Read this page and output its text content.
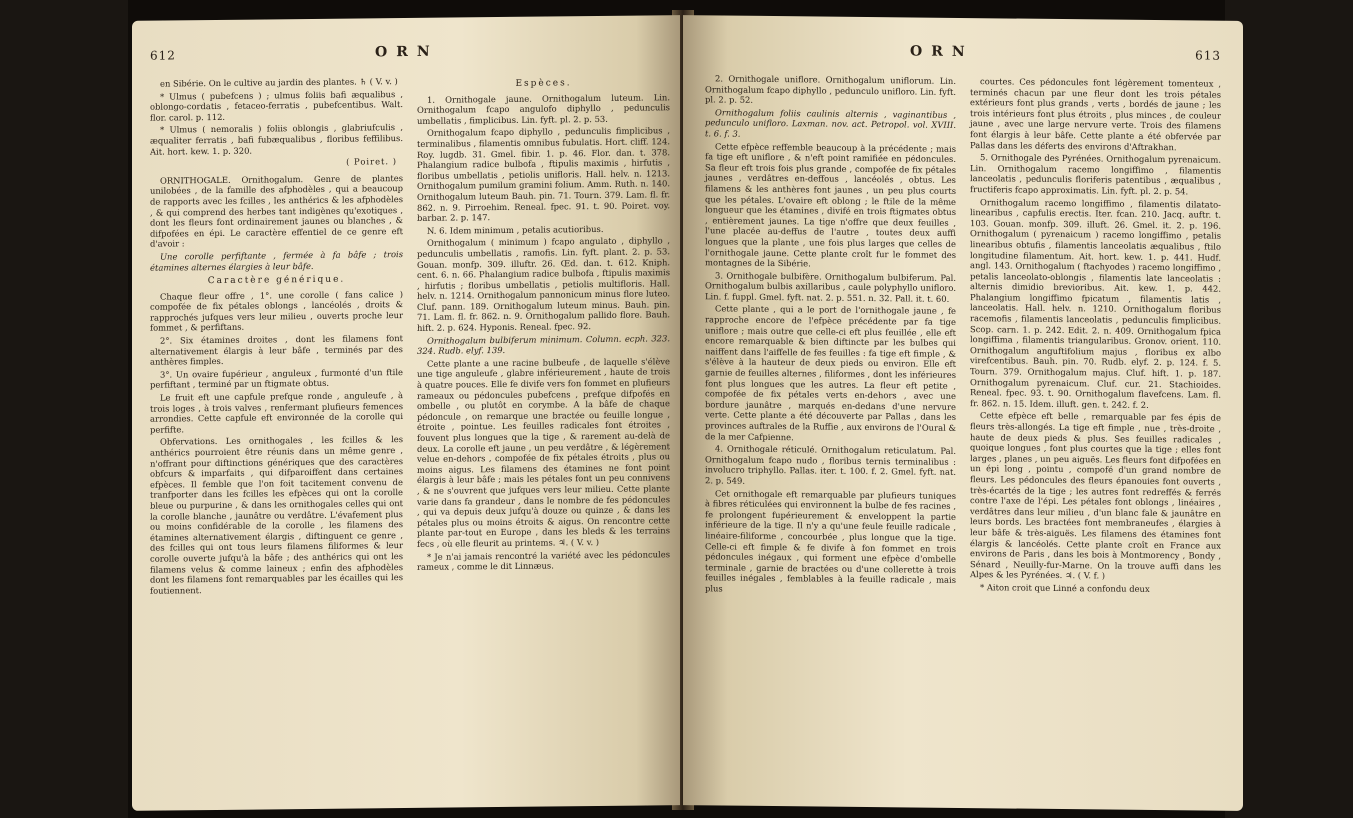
612	ORN

en Sibérie. On le cultive au jardin des plantes. ♄ ( V. v. )

* Ulmus ( pubefcens ) ; ulmus foliis bafi æqualibus , oblongo-cordatis , fetaceo-ferratis , pubefcentibus. Walt. flor. carol. p. 112.

* Ulmus ( nemoralis ) foliis oblongis , glabriufculis , æqualiter ferratis , bafi fubæqualibus , floribus feffilibus. Ait. hort. kew. 1. p. 320.

( Poiret. )

ORNITHOGALE. Ornithogalum. Genre de plantes unilobées , de la famille des afphodèles , qui a beaucoup de rapports avec les fcilles , les anthérics & les afphodèles , & qui comprend des herbes tant indigènes qu'exotiques , dont les fleurs font ordinairement jaunes ou blanches , & difpofées en épi. Le caractère effentiel de ce genre eft d'avoir :

Une corolle perfiftante , fermée à fa bâfe ; trois étamines alternes élargies à leur bâfe.

Caractère générique.

Chaque fleur offre , 1°. une corolle ( fans calice ) compofée de fix pétales oblongs , lancéolés , droits & rapprochés jufques vers leur milieu , ouverts proche leur fommet , & perfiftans.

2°. Six étamines droites , dont les filamens font alternativement élargis à leur bâfe , terminés par des anthères fimples.

3°. Un ovaire fupérieur , anguleux , furmonté d'un ftile perfiftant , terminé par un ftigmate obtus.

Le fruit eft une capfule prefque ronde , anguleufe , à trois loges , à trois valves , renfermant plufieurs femences arrondies. Cette capfule eft environnée de la corolle qui perfifte.

Obfervations. Les ornithogales , les fcilles & les anthérics pourroient être réunis dans un même genre , n'offrant pour diftinctions génériques que des caractères obfcurs & imparfaits , qui difparoiffent dans certaines efpèces. Il femble que l'on foit tacitement convenu de tranfporter dans les fcilles les efpèces qui ont la corolle bleue ou purpurine , & dans les ornithogales celles qui ont la corolle blanche , jaunâtre ou verdâtre. L'évafement plus ou moins confidérable de la corolle , les filamens des étamines alternativement élargis , diftinguent ce genre , des fcilles qui ont tous leurs filamens filiformes & leur corolle ouverte jufqu'à la bâfe ; des anthérics qui ont les filamens velus & comme laineux ; enfin des afphodèles dont les filamens font remarquables par les écailles qui les foutiennent.

Espèces.

1. Ornithogale jaune. Ornithogalum luteum. Lin. Ornithogalum fcapo angulofo diphyllo , pedunculis umbellatis , fimplicibus. Lin. fyft. pl. 2. p. 53.

Ornithogalum fcapo diphyllo , pedunculis fimplicibus , terminalibus , filamentis omnibus fubulatis. Hort. cliff. 124. Roy. lugdb. 31. Gmel. fibir. 1. p. 46. Flor. dan. t. 378. Phalangium radice bulbofa , ftipulis maximis , hirfutis , floribus umbellatis , petiolis unifloris. Hall. helv. n. 1213. Ornithogalum pumilum gramini folium. Amm. Ruth. n. 140. Ornithogalum luteum Bauh. pin. 71. Tourn. 379. Lam. fl. fr. 862. n. 9. Pirroehim. Reneal. fpec. 91. t. 90. Poiret. voy. barbar. 2. p. 147.

N. 6. Idem minimum , petalis acutioribus.

Ornithogalum ( minimum ) fcapo angulato , diphyllo , pedunculis umbellatis , ramofis. Lin. fyft. plant. 2. p. 53. Gouan. monfp. 309. illuftr. 26. Œd. dan. t. 612. Kniph. cent. 6. n. 66. Phalangium radice bulbofa , ftipulis maximis , hirfutis ; floribus umbellatis , petiolis multifloris. Hall. helv. n. 1214. Ornithogalum pannonicum minus flore luteo. Cluf. pann. 189. Ornithogalum luteum minus. Bauh. pin. 71. Lam. fl. fr. 862. n. 9. Ornithogalum pallido flore. Bauh. hift. 2. p. 624. Hyponis. Reneal. fpec. 92.

Ornithogalum bulbiferum minimum. Column. ecph. 323. 324. Rudb. elyf. 139.

Cette plante a une racine bulbeufe , de laquelle s'élève une tige anguleufe , glabre inférieurement , haute de trois à quatre pouces. Elle fe divife vers fon fommet en plufieurs rameaux ou pédoncules pubefcens , prefque difpofés en ombelle , ou plutôt en corymbe. A la bâfe de chaque pédoncule , on remarque une bractée ou feuille longue , étroite , pointue. Les feuilles radicales font étroites , fouvent plus longues que la tige , & rarement au-delà de deux. La corolle eft jaune , un peu verdâtre , & légèrement velue en-dehors , compofée de fix pétales étroits , plus ou moins aigus. Les filamens des étamines ne font point élargis à leur bâfe ; mais les pétales font un peu connivens , & ne s'ouvrent que jufques vers leur milieu. Cette plante varie dans fa grandeur , dans le nombre de fes pédoncules , qui va depuis deux jufqu'à douze ou quinze , & dans les pétales plus ou moins étroits & aigus. On rencontre cette plante par-tout en Europe , dans les bleds & les terrains fecs , où elle fleurit au printems. ♃. ( V. v. )

* Je n'ai jamais rencontré la variété avec les pédoncules rameux , comme le dit Linnæus.

ORN	613

2. Ornithogale uniflore. Ornithogalum uniflorum. Lin. Ornithogalum fcapo diphyllo , pedunculo unifloro. Lin. fyft. pl. 2. p. 52.

Ornithogalum foliis caulinis alternis , vaginantibus , pedunculo unifloro. Laxman. nov. act. Petropol. vol. XVIII. t. 6. f. 3.

Cette efpèce reffemble beaucoup à la précédente ; mais fa tige eft uniflore , & n'eft point ramifiée en pédoncules. Sa fleur eft trois fois plus grande , compofée de fix pétales jaunes , verdâtres en-deffous , lancéolés , obtus. Les filamens & les anthères font jaunes , un peu plus courts que les pétales. L'ovaire eft oblong ; le ftile de la même longueur que les étamines , divifé en trois ftigmates obtus , entièrement jaunes. La tige n'offre que deux feuilles , l'une placée au-deffus de l'autre , toutes deux auffi longues que la plante , une fois plus larges que celles de l'ornithogale jaune. Cette plante croît fur le fommet des montagnes de la Sibérie.

3. Ornithogale bulbifère. Ornithogalum bulbiferum. Pal. Ornithogalum bulbis axillaribus , caule polyphyllo unifloro. Lin. f. fuppl. Gmel. fyft. nat. 2. p. 551. n. 32. Pall. it. t. 60.

Cette plante , qui a le port de l'ornithogale jaune , fe rapproche encore de l'efpèce précédente par fa tige uniflore ; mais outre que celle-ci eft plus feuillée , elle eft encore remarquable & bien diftincte par les bulbes qui naiffent dans l'aiffelle de fes feuilles : fa tige eft fimple , & s'élève à la hauteur de deux pieds ou environ. Elle eft garnie de feuilles alternes , filiformes , dont les inférieures font plus longues que les autres. La fleur eft petite , compofée de fix pétales verts en-dehors , avec une bordure jaunâtre , marqués en-dedans d'une nervure verte. Cette plante a été découverte par Pallas , dans les provinces auftrales de la Ruffie , aux environs de l'Oural & de la mer Cafpienne.

4. Ornithogale réticulé. Ornithogalum reticulatum. Pal. Ornithogalum fcapo nudo , floribus ternis terminalibus : involucro triphyllo. Pallas. iter. t. 100. f. 2. Gmel. fyft. nat. 2. p. 549.

Cet ornithogale eft remarquable par plufieurs tuniques à fibres réticulées qui environnent la bulbe de fes racines , fe prolongent fupérieurement & enveloppent la partie inférieure de la tige. Il n'y a qu'une feule feuille radicale , linéaire-filiforme , concourbée , plus longue que la tige. Celle-ci eft fimple & fe divife à fon fommet en trois pédoncules inégaux , qui forment une efpèce d'ombelle terminale , garnie de bractées ou d'une collerette à trois feuilles inégales , femblables à la feuille radicale , mais plus

courtes. Ces pédoncules font légèrement tomenteux , terminés chacun par une fleur dont les trois pétales extérieurs font plus grands , verts , bordés de jaune ; les trois intérieurs font plus étroits , plus minces , de couleur jaune , avec une large nervure verte. Trois des filamens font élargis à leur bâfe. Cette plante a été obfervée par Pallas dans les déferts des environs d'Aftrakhan.

5. Ornithogale des Pyrénées. Ornithogalum pyrenaicum. Lin. Ornithogalum racemo longiffimo , filamentis lanceolatis , pedunculis floriferis patentibus , æqualibus , fructiferis fcapo approximatis. Lin. fyft. pl. 2. p. 54.

Ornithogalum racemo longiffimo , filamentis dilatato-linearibus , capfulis erectis. Iter. fcan. 210. Jacq. auftr. t. 103. Gouan. monfp. 309. illuft. 26. Gmel. it. 2. p. 196. Ornithogalum ( pyrenaicum ) racemo longiffimo , petalis linearibus obtufis , filamentis lanceolatis æqualibus , ftilo longitudine filamentum. Ait. hort. kew. 1. p. 441. Hudf. angl. 143. Ornithogalum ( ftachyodes ) racemo longiffimo , petalis lanceolato-oblongis , filamentis late lanceolatis : alternis dimidio brevioribus. Ait. kew. 1. p. 442. Phalangium longiffimo fpicatum , filamentis latis , lanceolatis. Hall. helv. n. 1210. Ornithogalum floribus racemofis , filamentis lanceolatis , pedunculis fimplicibus. Scop. carn. 1. p. 242. Edit. 2. n. 409. Ornithogalum fpica longiffima , filamentis triangularibus. Gronov. orient. 110. Ornithogalum anguftifolium majus , floribus ex albo virefcentibus. Bauh. pin. 70. Rudb. elyf. 2. p. 124. f. 5. Tourn. 379. Ornithogalum majus. Cluf. hift. 1. p. 187. Ornithogalum pyrenaicum. Cluf. cur. 21. Stachioides. Reneal. fpec. 93. t. 90. Ornithogalum flavefcens. Lam. fl. fr. 862. n. 15. Idem. illuft. gen. t. 242. f. 2.

Cette efpèce eft belle , remarquable par fes épis de fleurs très-allongés. La tige eft fimple , nue , très-droite , haute de deux pieds & plus. Ses feuilles radicales , quoique longues , font plus courtes que la tige ; elles font larges , planes , un peu aiguës. Les fleurs font difpofées en un épi long , pointu , compofé d'un grand nombre de fleurs. Les pédoncules des fleurs épanouies font ouverts , très-écartés de la tige ; les autres font redreffés & ferrés contre l'axe de l'épi. Les pétales font oblongs , linéaires , verdâtres dans leur milieu , d'un blanc fale & jaunâtre en leurs bords. Les bractées font membraneufes , élargies à leur bâfe & très-aiguës. Les filamens des étamines font élargis & lancéolés. Cette plante croît en France aux environs de Paris , dans les bois à Montmorency , Bondy , Sénard , Neuilly-fur-Marne. On la trouve auffi dans les Alpes & les Pyrénées. ♃. ( V. f. )

* Aiton croit que Linné a confondu deux
